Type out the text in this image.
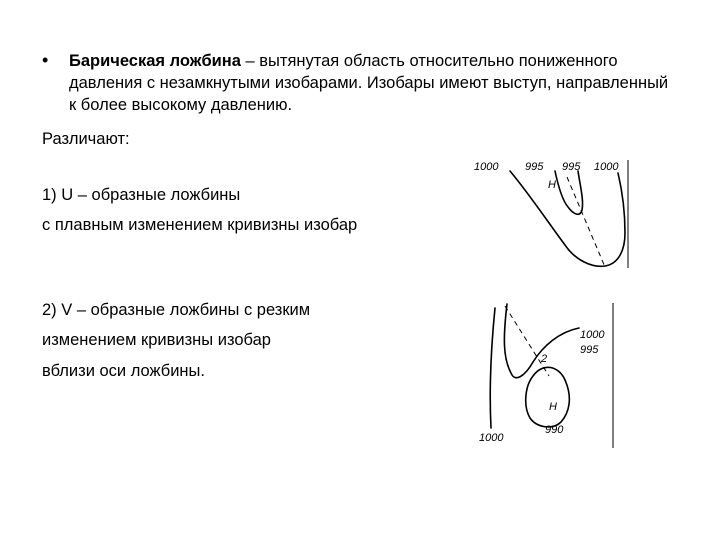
• Барическая ложбина – вытянутая область относительно пониженного давления с незамкнутыми изобарами. Изобары имеют выступ, направленный к более высокому давлению.
Различают:
1) U – образные ложбины
с плавным изменением кривизны изобар
2) V – образные ложбины с резким
изменением кривизны изобар
вблизи оси ложбины.
1000 995 995 1000
Н
1000
995
990
1000
2
Н
